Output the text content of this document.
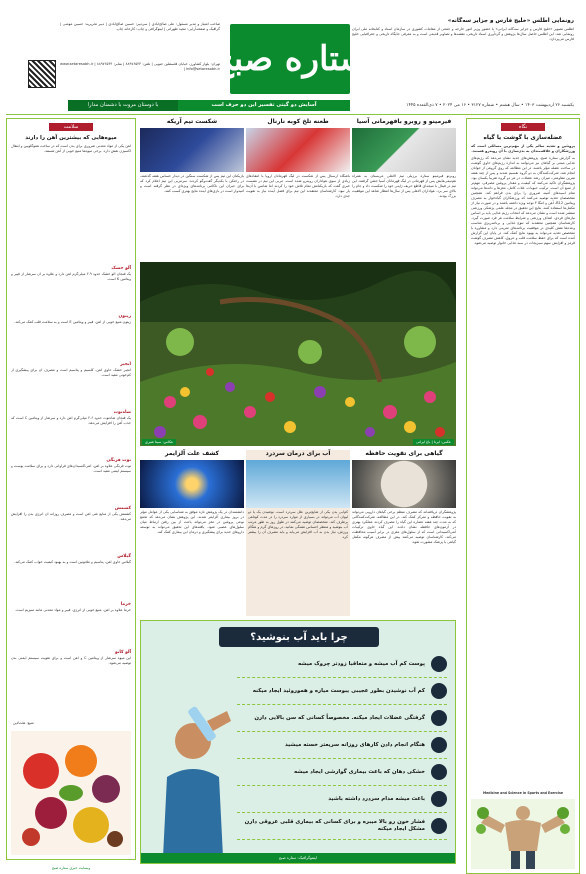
رونمایی اطلس «خلیج فارس و جزایر سه‌گانه»
اطلس تصویر «خلیج فارس و جزایر سه‌گانه ایرانی» با حضور وزیر امور خارجه و جمعی از مقامات کشوری در سازمان اسناد و کتابخانه ملی ایران رونمایی شد. این اطلس حاصل سال‌ها پژوهش و گردآوری اسناد تاریخی، نقشه‌ها و تصاویر قدیمی است و به معرفی جایگاه تاریخی و جغرافیایی خلیج فارس می‌پردازد.
ستاره صبح
صاحب امتیاز و مدیر مسئول: علی صالح‌آبادی | سردبیر: حسین صالح‌آبادی | دبیر تحریریه: حسین مومنی | گرافیک و صفحه‌آرایی: مجید طهرانی | لیتوگرافی و چاپ: کارخانه چاپ
تهران: بلوار کشاورز، خیابان فلسطین جنوبی | تلفن: ۸۸۹۷۶۵۴۳ | نمابر: ۸۸۹۷۶۵۴۴ | www.setaresobh.ir | info@setaresobh.ir
آسایش دو گیتی تفسیر این دو حرف است
با دوستان مروت با دشمنان مدارا	یکشنبه ۲۶ اردیبهشت ۱۴۰۳ • سال هشتم • شماره ۳۱۲۷ • ۱۶ می ۲۰۲۴ • ۷ ذی‌القعده ۱۴۴۵
نگاه
عضله‌سازی با گوشت یا گیاه
پروتئین و تغذیه سالم یکی از مهم‌ترین مسائلی است که ورزشکاران و علاقه‌مندان به بدن‌سازی با آن روبه‌رو هستند.
به گزارش ستاره صبح، پژوهش‌های جدید نشان می‌دهد که رژیم‌های غذایی مبتنی بر گیاهان نیز می‌توانند به اندازه رژیم‌های حاوی گوشت در ساخت عضله مؤثر باشند. در این مطالعه که روی گروهی از جوانان انجام شد، شرکت‌کنندگان به دو گروه تقسیم شدند و پس از چند هفته تمرین مقاومتی، میزان رشد عضلات در هر دو گروه تقریباً یکسان بود. پژوهشگران تاکید می‌کنند که کیفیت و مقدار پروتئین مصرفی، مهم‌تر از منبع آن است. ترکیب حبوبات، غلات کامل، مغزها و دانه‌ها می‌تواند تمام اسیدهای آمینه ضروری را برای بدن فراهم کند. همچنین متخصصان تغذیه توصیه می‌کنند که ورزشکاران گیاه‌خوار به مصرف ویتامین B12، آهن و امگا ۳ توجه ویژه داشته باشند و در صورت نیاز از مکمل‌ها استفاده کنند. نتایج این تحقیق در مجله علمی پزشکی ورزشی منتشر شده است و نشان می‌دهد که انتخاب رژیم غذایی باید بر اساس نیازهای فردی، اهداف ورزشی و شرایط سلامت هر فرد صورت گیرد. کارشناسان همچنین معتقدند که تنوع غذایی و برنامه‌ریزی مناسب وعده‌ها نقش کلیدی در موفقیت برنامه‌های تمرینی دارد و مشاوره با متخصص تغذیه می‌تواند به بهبود نتایج کمک کند. در پایان این گزارش آمده است که برای حفظ سلامت قلب و عروق، کاهش مصرف گوشت قرمز و افزایش سهم سبزیجات در سبد غذایی خانوار توصیه می‌شود.
Medicine and Science in Sports and Exercise
سلامت
میوه‌هایی که بیشترین آهن را دارند
آهن یکی از مواد معدنی ضروری برای بدن است که در ساخت هموگلوبین و انتقال اکسیژن نقش دارد. برخی میوه‌ها منبع خوبی از آهن هستند.
آلو خشک
یک فنجان آلو خشک حدود ۲.۹ میلی‌گرم آهن دارد و علاوه بر آن سرشار از فیبر و ویتامین K است.
زیتون
زیتون منبع خوبی از آهن، فیبر و ویتامین E است و به سلامت قلب کمک می‌کند.
انجیر
انجیر خشک حاوی آهن، کلسیم و پتاسیم است و مصرف آن برای پیشگیری از کم‌خونی مفید است.
شاه‌توت
یک فنجان شاه‌توت حدود ۲.۶ میلی‌گرم آهن دارد و سرشار از ویتامین C است که جذب آهن را افزایش می‌دهد.
توت فرنگی
توت فرنگی علاوه بر آهن، آنتی‌اکسیدان‌های فراوانی دارد و برای سلامت پوست و سیستم ایمنی مفید است.
کشمش
کشمش یکی از منابع غنی آهن است و مصرف روزانه آن انرژی بدن را افزایش می‌دهد.
گیلاس
گیلاس حاوی آهن، پتاسیم و ملاتونین است و به بهبود کیفیت خواب کمک می‌کند.
خرما
خرما علاوه بر آهن، منبع خوبی از انرژی، فیبر و مواد معدنی مانند منیزیم است.
آلو کانو
این میوه سرشار از ویتامین C و آهن است و برای تقویت سیستم ایمنی بدن توصیه می‌شود.
منبع: هلث‌لاین
فیرمینو و روبرو بافهرمانی آسیا
روبرتو فیرمینو ستاره برزیلی تیم الاهلی عربستان به همراه هم‌تیمی‌هایش پس از قهرمانی در لیگ قهرمانان آسیا جشن گرفتند. این تیم در فینال با نتیجه‌ای قاطع حریف ژاپنی خود را شکست داد و جام را بالای سر برد. هواداران الاهلی پس از سال‌ها انتظار شاهد این موفقیت بزرگ بودند.
طعنه تلخ کوبه نارنال
باشگاه آرسنال پس از شکست در لیگ قهرمانان اروپا با انتقادهای زیادی از سوی هواداران روبه‌رو شده است. مربی این تیم در نشست خبری گفت که بازیکنانش تمام تلاش خود را کردند اما شانس با آن‌ها یار نبود. کارشناسان معتقدند این تیم برای فصل آینده نیاز به تقویت جدی دارد.
شکست تیم آریکه
بازیکنان این تیم پس از شکست سنگین در دیدار حساس هفته گذشته، در رختکن با یکدیگر گفت‌وگو کردند. سرمربی این تیم اعلام کرد که برای جبران این ناکامی برنامه‌های ویژه‌ای در نظر گرفته است و امیدوار است در بازی‌های آینده نتایج بهتری کسب کنند.
عکس: ایرنا | باغ ایرانی
عکاس: سینا شیری
گیاهی برای تقویت حافظه
پژوهشگران دریافته‌اند که مصرف منظم برخی گیاهان دارویی می‌تواند به تقویت حافظه و تمرکز کمک کند. در این مطالعه، شرکت‌کنندگانی که به مدت چند هفته عصاره این گیاه را مصرف کردند عملکرد بهتری در آزمون‌های حافظه نشان دادند. این گیاه حاوی ترکیبات آنتی‌اکسیدانی است که از سلول‌های مغزی در برابر آسیب محافظت می‌کند. کارشناسان توصیه می‌کنند پیش از مصرف هرگونه مکمل گیاهی با پزشک مشورت شود.
آب برای درمان سردرد
کم‌آبی بدن یکی از شایع‌ترین علل سردرد است. نوشیدن یک یا دو لیوان آب می‌تواند در بسیاری از موارد سردرد را در مدت کوتاهی برطرف کند. متخصصان توصیه می‌کنند در طول روز به طور مرتب آب بنوشید و منتظر احساس تشنگی نمانید. در روزهای گرم و هنگام ورزش، نیاز بدن به آب افزایش می‌یابد و باید مصرف آن را بیشتر کرد.
کشف علت آلزایمر
دانشمندان در یک پژوهش تازه موفق به شناسایی یکی از عوامل مؤثر در بروز بیماری آلزایمر شدند. این پژوهش نشان می‌دهد که تجمع نوعی پروتئین در مغز می‌تواند باعث از بین رفتن ارتباط میان سلول‌های عصبی شود. یافته‌های این تحقیق می‌تواند به توسعه داروهای جدید برای پیشگیری و درمان این بیماری کمک کند.
چرا باید آب بنوشید؟
پوست کم آب میشه و متعاقبا زودتر چروک میشه
کم آب نوشیدن بطور عجیبی یبوست میاره و هموروئید ایجاد میکنه
گرفتگی عضلات ایجاد میکنه. مخصوصاً کسانی که سن بالایی دارن
هنگام انجام دادن کارهای روزانه سریعتر خسته میشید
خشکی دهان که باعث بیماری گوارشی ایجاد میشه
باعث میشه مدام سردرد داشته باشید
فشار خون رو بالا میبره و برای کسانی که بیماری قلبی عروقی دارن مشکل ایجاد میکنه
اینفوگرافیک: ستاره صبح
وبسایت خبری ستاره صبح
